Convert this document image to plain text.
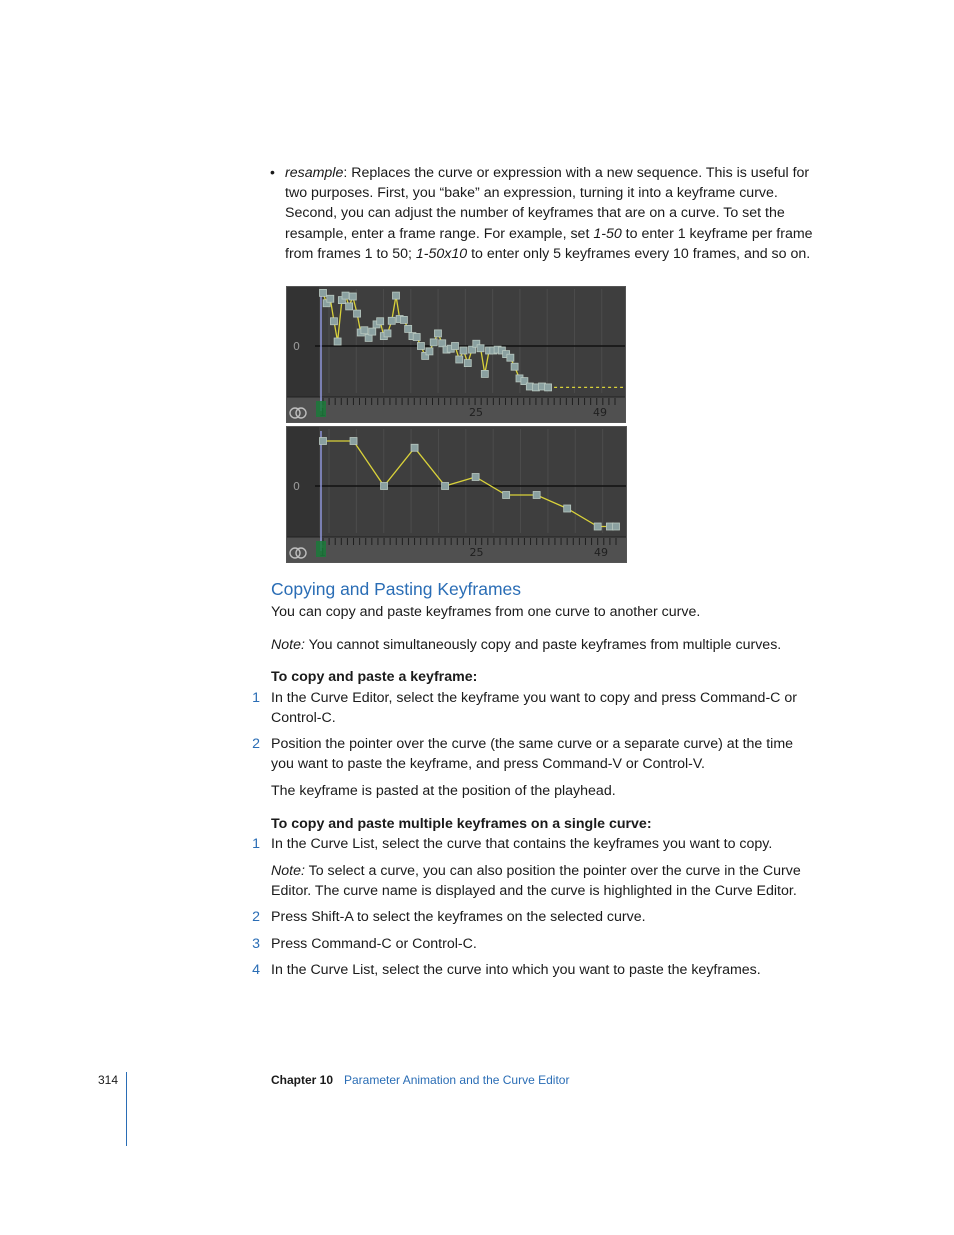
• resample: Replaces the curve or expression with a new sequence. This is useful for two purposes. First, you “bake” an expression, turning it into a keyframe curve. Second, you can adjust the number of keyframes that are on a curve. To set the resample, enter a frame range. For example, set 1-50 to enter 1 keyframe per frame from frames 1 to 50; 1-50x10 to enter only 5 keyframes every 10 frames, and so on.
0
25	49
0
25	49
Copying and Pasting Keyframes
You can copy and paste keyframes from one curve to another curve.
Note: You cannot simultaneously copy and paste keyframes from multiple curves.
To copy and paste a keyframe:
1 In the Curve Editor, select the keyframe you want to copy and press Command-C or Control-C.
2 Position the pointer over the curve (the same curve or a separate curve) at the time you want to paste the keyframe, and press Command-V or Control-V.
The keyframe is pasted at the position of the playhead.
To copy and paste multiple keyframes on a single curve:
1 In the Curve List, select the curve that contains the keyframes you want to copy.
Note: To select a curve, you can also position the pointer over the curve in the Curve Editor. The curve name is displayed and the curve is highlighted in the Curve Editor.
2 Press Shift-A to select the keyframes on the selected curve.
3 Press Command-C or Control-C.
4 In the Curve List, select the curve into which you want to paste the keyframes.
314	Chapter 10 Parameter Animation and the Curve Editor
